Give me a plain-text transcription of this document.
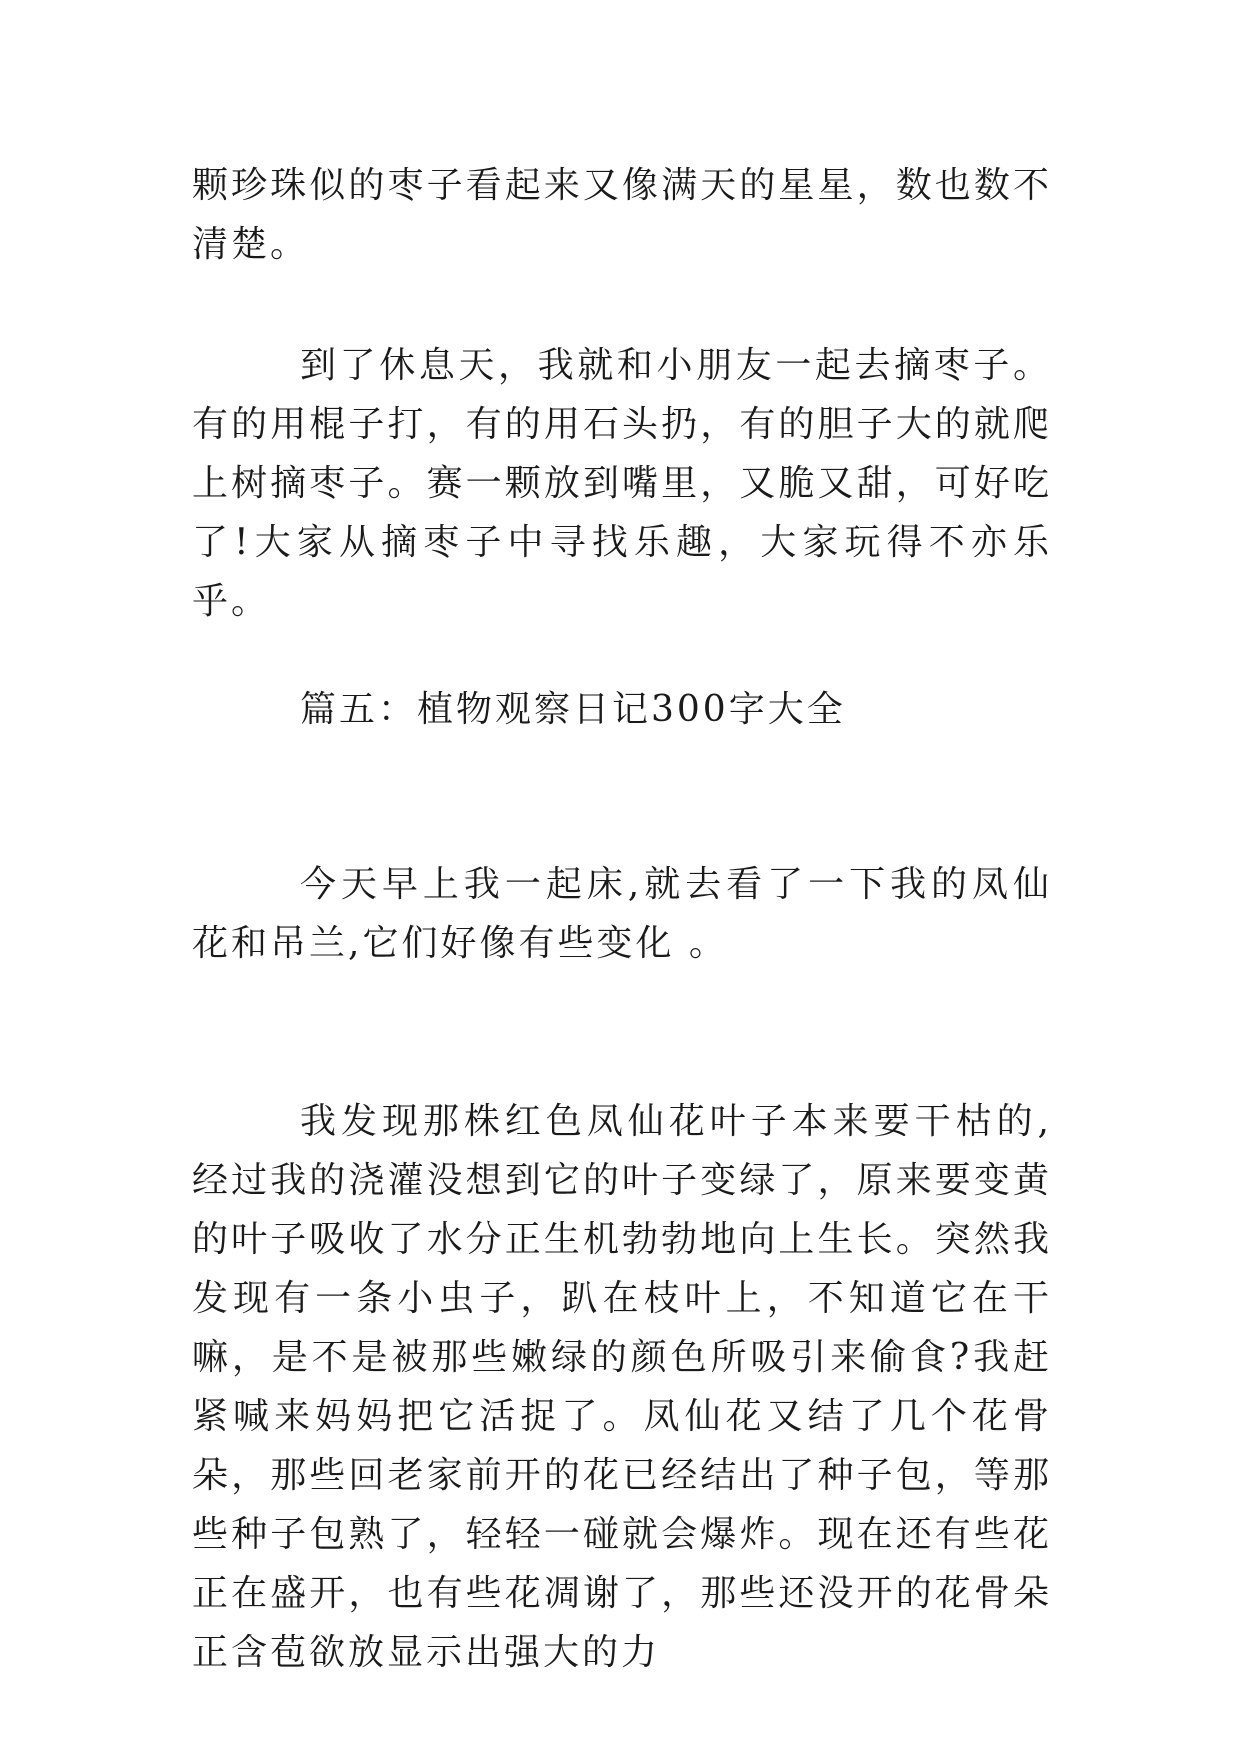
颗珍珠似的枣子看起来又像满天的星星，数也数不清楚。

到了休息天，我就和小朋友一起去摘枣子。有的用棍子打，有的用石头扔，有的胆子大的就爬上树摘枣子。赛一颗放到嘴里，又脆又甜，可好吃了!大家从摘枣子中寻找乐趣，大家玩得不亦乐乎。

篇五：植物观察日记300字大全

今天早上我一起床,就去看了一下我的凤仙花和吊兰,它们好像有些变化 。

我发现那株红色凤仙花叶子本来要干枯的,经过我的浇灌没想到它的叶子变绿了，原来要变黄的叶子吸收了水分正生机勃勃地向上生长。突然我发现有一条小虫子，趴在枝叶上，不知道它在干嘛，是不是被那些嫩绿的颜色所吸引来偷食?我赶紧喊来妈妈把它活捉了。凤仙花又结了几个花骨朵，那些回老家前开的花已经结出了种子包，等那些种子包熟了，轻轻一碰就会爆炸。现在还有些花正在盛开，也有些花凋谢了，那些还没开的花骨朵正含苞欲放显示出强大的力
